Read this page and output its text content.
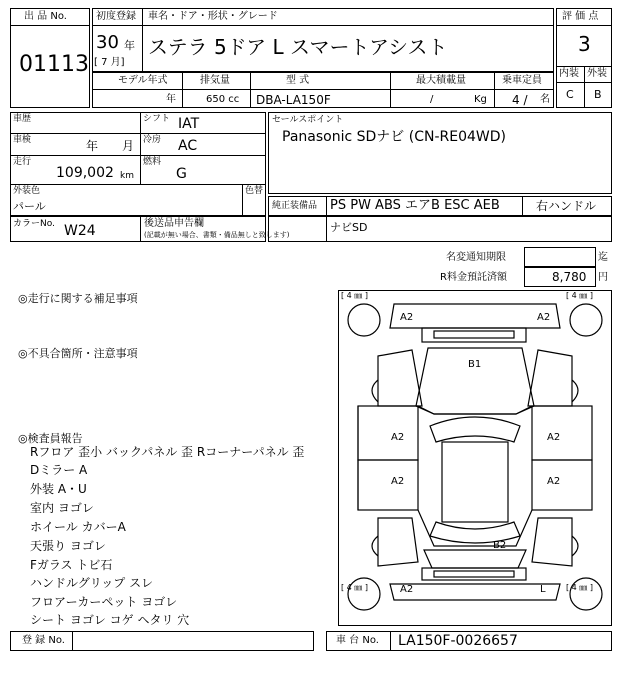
出 品 No.
01113
初度登録 車名・ドア・形状・グレード
30 年
[ 7 月]
ステラ 5ドア L スマートアシスト
評 価 点
3
内装 外装
C B
モデル年式
年
排気量
650 cc
型 式
DBA-LA150F
最大積載量
/	Kg
乗車定員
4 / 名
車歴	シフト IAT
車検	年 月 冷房 AC
走行
109,002 km
燃料
G
外装色
パール
色替
カラーNo. W24	後送品申告欄
(記載が無い場合、書類・備品無しと致します)
セールスポイント
Panasonic SDナビ (CN-RE04WD)
純正装備品 PS PW ABS エアB ESC AEB	右ハンドル
ナビSD
名変通知期限	迄
R料金預託済額	8,780 円
◎走行に関する補足事項
◎不具合箇所・注意事項
◎検査員報告
Rフロア 歪小 バックパネル 歪 Rコーナーパネル 歪
Dミラー A
外装 A・U
室内 ヨゴレ
ホイール カバーA
天張り ヨゴレ
Fガラス トビ石
ハンドルグリップ スレ
フロアーカーペット ヨゴレ
シート ヨゴレ コゲ ヘタリ 穴
[ 4 ㎜ ]	[ 4 ㎜ ]
[ 4 ㎜ ]	[ 4 ㎜ ]
A2	A2
B1
A2	A2
A2	A2
B2
A2	L
登 録 No.	車 台 No. LA150F-0026657
